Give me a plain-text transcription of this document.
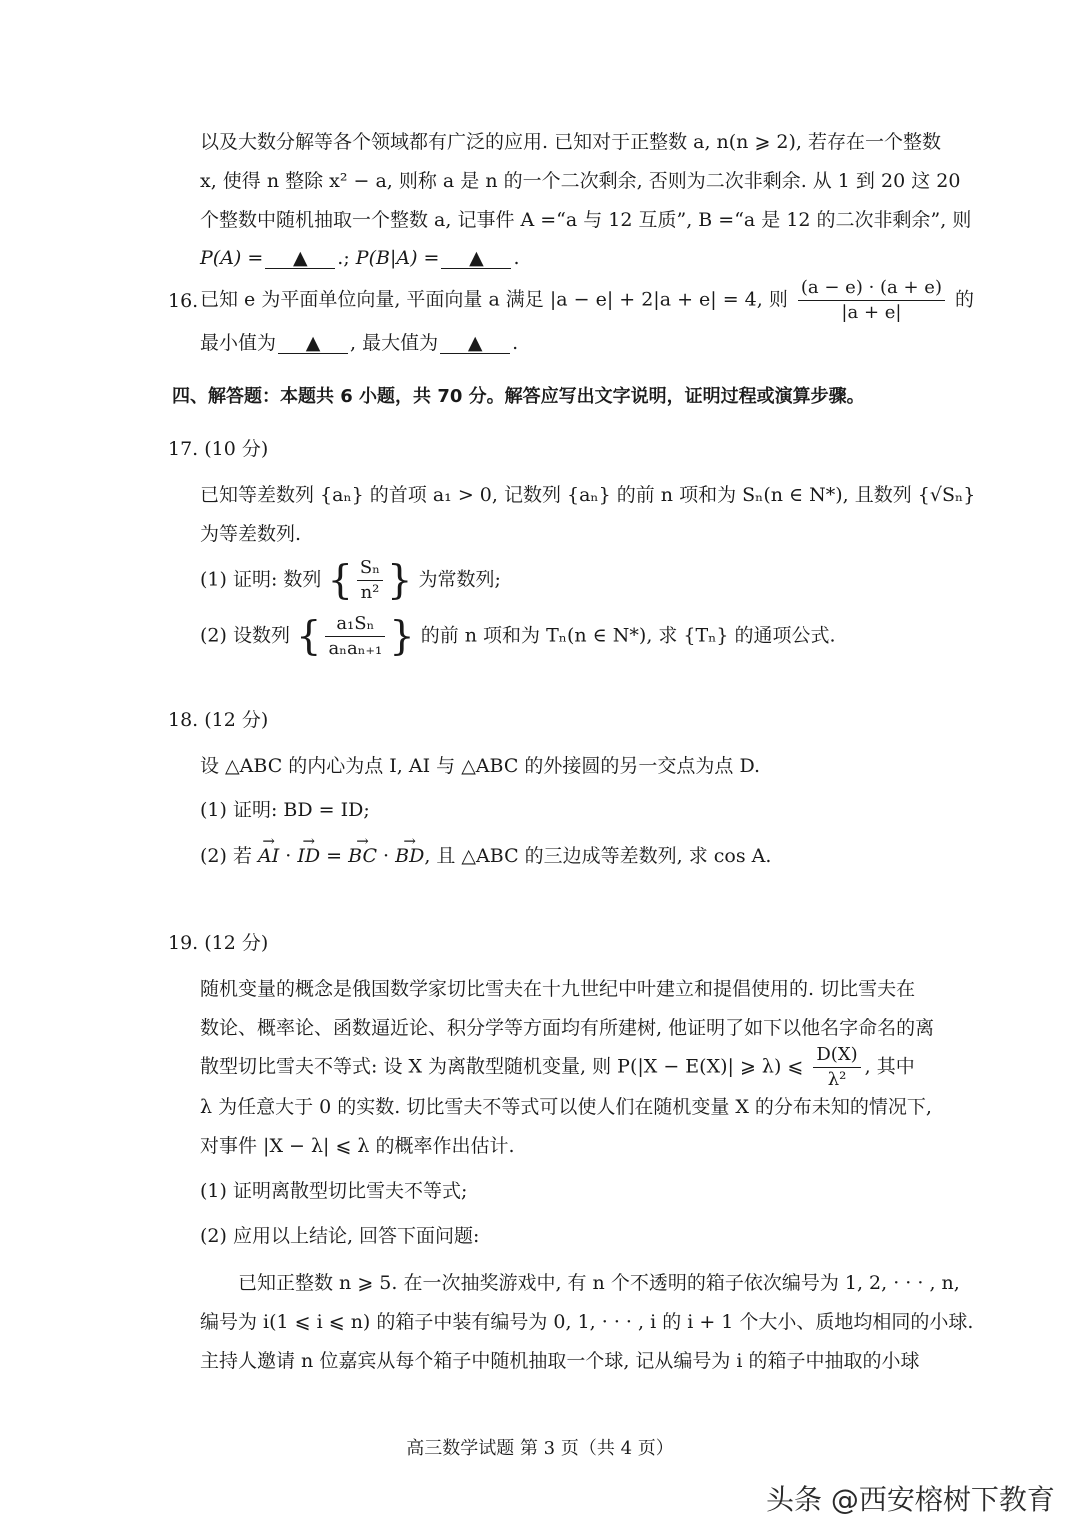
以及大数分解等各个领域都有广泛的应用. 已知对于正整数 a, n(n ⩾ 2), 若存在一个整数
x, 使得 n 整除 x² − a, 则称 a 是 n 的一个二次剩余, 否则为二次非剩余. 从 1 到 20 这 20
个整数中随机抽取一个整数 a, 记事件 A =“a 与 12 互质”, B =“a 是 12 的二次非剩余”, 则
P(A) = ▲ .; P(B|A) = ▲ .
16. 已知 e 为平面单位向量, 平面向量 a 满足 |a − e| + 2|a + e| = 4, 则 $\frac{(a - e) \cdot (a + e)}{|a + e|}$ 的
最小值为 ▲ , 最大值为 ▲ .
四、解答题：本题共 6 小题，共 70 分。解答应写出文字说明，证明过程或演算步骤。
17. (10 分)
已知等差数列 {aₙ} 的首项 a₁ > 0, 记数列 {aₙ} 的前 n 项和为 Sₙ(n ∈ N*), 且数列 {√Sₙ}
为等差数列.
(1) 证明: 数列 { $\frac{\text{Sₙ}}{\text{n²}}$ } 为常数列;
(2) 设数列 { $\frac{\text{a₁Sₙ}}{\text{aₙaₙ₊₁}}$ } 的前 n 项和为 Tₙ(n ∈ N*), 求 {Tₙ} 的通项公式.
18. (12 分)
设 △ABC 的内心为点 I, AI 与 △ABC 的外接圆的另一交点为点 D.
(1) 证明: BD = ID;
(2) 若 → AI · → ID = → BC · → BD, 且 △ABC 的三边成等差数列, 求 cos A.
19. (12 分)
随机变量的概念是俄国数学家切比雪夫在十九世纪中叶建立和提倡使用的. 切比雪夫在
数论、概率论、函数逼近论、积分学等方面均有所建树, 他证明了如下以他名字命名的离
散型切比雪夫不等式: 设 X 为离散型随机变量, 则 P(|X − E(X)| ⩾ λ) ⩽ $\frac{D(X)}{\text{λ²}}$ , 其中
λ 为任意大于 0 的实数. 切比雪夫不等式可以使人们在随机变量 X 的分布未知的情况下,
对事件 |X − λ| ⩽ λ 的概率作出估计.
(1) 证明离散型切比雪夫不等式;
(2) 应用以上结论, 回答下面问题:
已知正整数 n ⩾ 5. 在一次抽奖游戏中, 有 n 个不透明的箱子依次编号为 1, 2, · · · , n,
编号为 i(1 ⩽ i ⩽ n) 的箱子中装有编号为 0, 1, · · · , i 的 i + 1 个大小、质地均相同的小球.
主持人邀请 n 位嘉宾从每个箱子中随机抽取一个球, 记从编号为 i 的箱子中抽取的小球
高三数学试题 第 3 页（共 4 页）
头条 @西安榕树下教育
